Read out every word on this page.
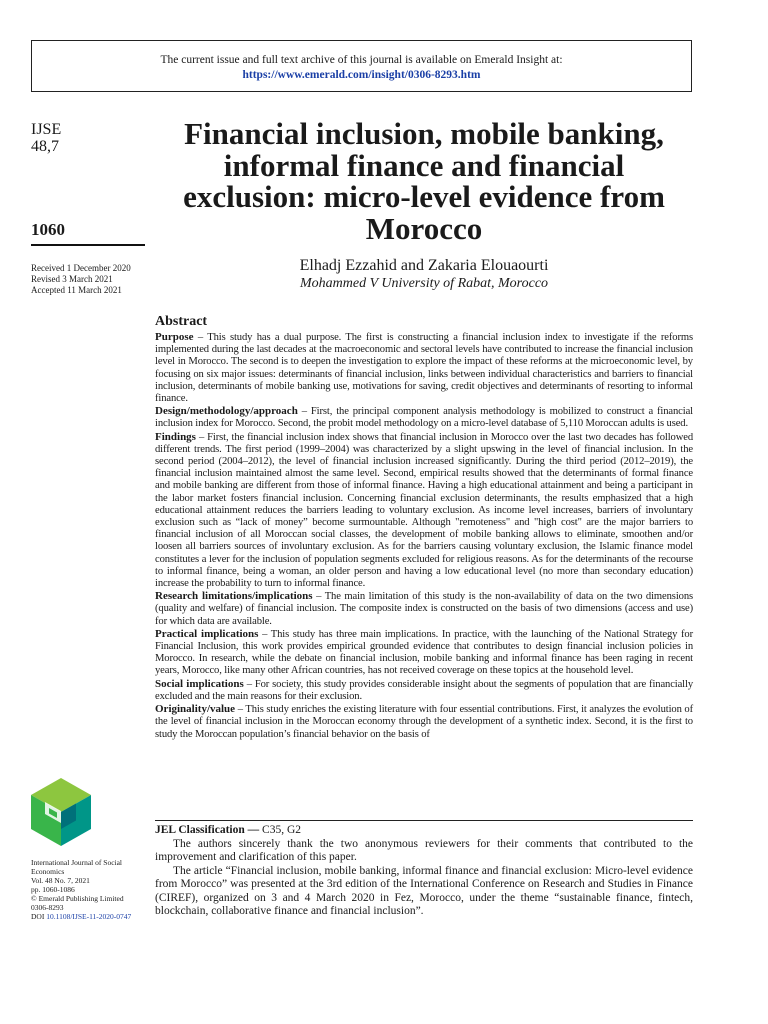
The current issue and full text archive of this journal is available on Emerald Insight at:
https://www.emerald.com/insight/0306-8293.htm
IJSE
48,7
1060
Received 1 December 2020
Revised 3 March 2021
Accepted 11 March 2021
Financial inclusion, mobile banking, informal finance and financial exclusion: micro-level evidence from Morocco
Elhadj Ezzahid and Zakaria Elouaourti
Mohammed V University of Rabat, Morocco
Abstract

Purpose – This study has a dual purpose. The first is constructing a financial inclusion index to investigate if the reforms implemented during the last decades at the macroeconomic and sectoral levels have contributed to increase the financial inclusion level in Morocco. The second is to deepen the investigation to explore the impact of these reforms at the microeconomic level, by focusing on six major issues: determinants of financial inclusion, links between individual characteristics and barriers to financial inclusion, determinants of mobile banking use, motivations for saving, credit objectives and determinants of resorting to informal finance.

Design/methodology/approach – First, the principal component analysis methodology is mobilized to construct a financial inclusion index for Morocco. Second, the probit model methodology on a micro-level database of 5,110 Moroccan adults is used.

Findings – First, the financial inclusion index shows that financial inclusion in Morocco over the last two decades has followed different trends. The first period (1999–2004) was characterized by a slight upswing in the level of financial inclusion. In the second period (2004–2012), the level of financial inclusion increased significantly. During the third period (2012–2019), the financial inclusion maintained almost the same level. Second, empirical results showed that the determinants of formal finance and mobile banking are different from those of informal finance. Having a high educational attainment and being a participant in the labor market fosters financial inclusion. Concerning financial exclusion determinants, the results emphasized that a high educational attainment reduces the barriers leading to voluntary exclusion. As income level increases, barriers of involuntary exclusion such as “lack of money” become surmountable. Although "remoteness" and "high cost" are the major barriers to financial inclusion of all Moroccan social classes, the development of mobile banking allows to eliminate, smoothen and/or loosen all barriers sources of involuntary exclusion. As for the barriers causing voluntary exclusion, the Islamic finance model constitutes a lever for the inclusion of population segments excluded for religious reasons. As for the determinants of the recourse to informal finance, being a woman, an older person and having a low educational level (no more than secondary education) increase the probability to turn to informal finance.

Research limitations/implications – The main limitation of this study is the non-availability of data on the two dimensions (quality and welfare) of financial inclusion. The composite index is constructed on the basis of two dimensions (access and use) for which data are available.

Practical implications – This study has three main implications. In practice, with the launching of the National Strategy for Financial Inclusion, this work provides empirical grounded evidence that contributes to design financial inclusion policies in Morocco. In research, while the debate on financial inclusion, mobile banking and informal finance has been raging in recent years, Morocco, like many other African countries, has not received coverage on these topics at the household level.

Social implications – For society, this study provides considerable insight about the segments of population that are financially excluded and the main reasons for their exclusion.

Originality/value – This study enriches the existing literature with four essential contributions. First, it analyzes the evolution of the level of financial inclusion in the Moroccan economy through the development of a synthetic index. Second, it is the first to study the Moroccan population’s financial behavior on the basis of

International Journal of Social Economics
Vol. 48 No. 7, 2021
pp. 1060-1086
© Emerald Publishing Limited
0306-8293
DOI 10.1108/IJSE-11-2020-0747

JEL Classification — C35, G2

The authors sincerely thank the two anonymous reviewers for their comments that contributed to the improvement and clarification of this paper.

The article “Financial inclusion, mobile banking, informal finance and financial exclusion: Micro-level evidence from Morocco” was presented at the 3rd edition of the International Conference on Research and Studies in Finance (CIREF), organized on 3 and 4 March 2020 in Fez, Morocco, under the theme “sustainable finance, fintech, blockchain, collaborative finance and financial inclusion”.
